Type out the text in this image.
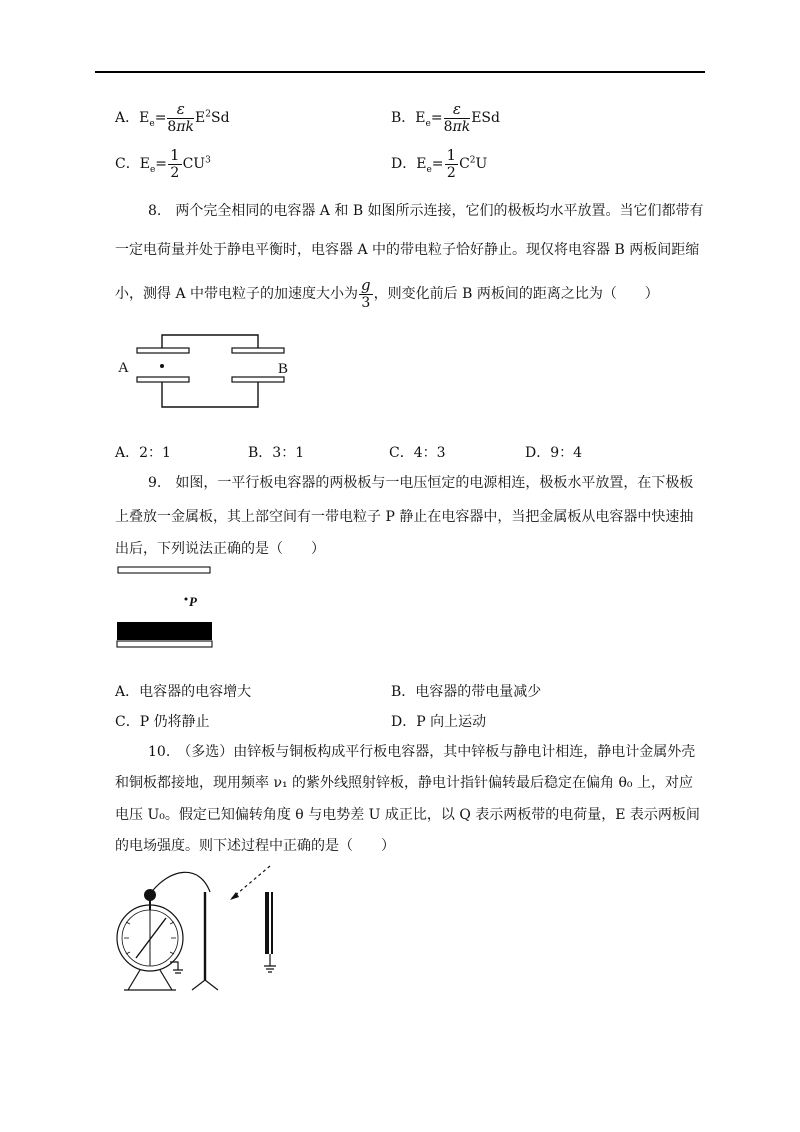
A．$E_e= \frac{\varepsilon}{8\pi k} E^2Sd$	B．$E_e= \frac{\varepsilon}{8\pi k}$ ESd
C．$E_e= \frac{1}{2} CU^3$	D．$E_e= \frac{1}{2} C^2U$
8.　两个完全相同的电容器 A 和 B 如图所示连接，它们的极板均水平放置。当它们都带有
一定电荷量并处于静电平衡时，电容器 A 中的带电粒子恰好静止。现仅将电容器 B 两板间距缩
小，测得 A 中带电粒子的加速度大小为 $\frac{g}{3}$ ，则变化前后 B 两板间的距离之比为（　　）
A	B
A．2：1	B．3：1	C．4：3	D．9：4
9.　如图，一平行板电容器的两极板与一电压恒定的电源相连，极板水平放置，在下极板
上叠放一金属板，其上部空间有一带电粒子 P 静止在电容器中，当把金属板从电容器中快速抽
出后，下列说法正确的是（　　）
P
A．电容器的电容增大	B．电容器的带电量减少
C．P 仍将静止	D．P 向上运动
10.　（多选）由锌板与铜板构成平行板电容器，其中锌板与静电计相连，静电计金属外壳
和铜板都接地，现用频率 ν₁ 的紫外线照射锌板，静电计指针偏转最后稳定在偏角 θ₀ 上，对应
电压 U₀。假定已知偏转角度 θ 与电势差 U 成正比，以 Q 表示两板带的电荷量，E 表示两板间
的电场强度。则下述过程中正确的是（　　）
